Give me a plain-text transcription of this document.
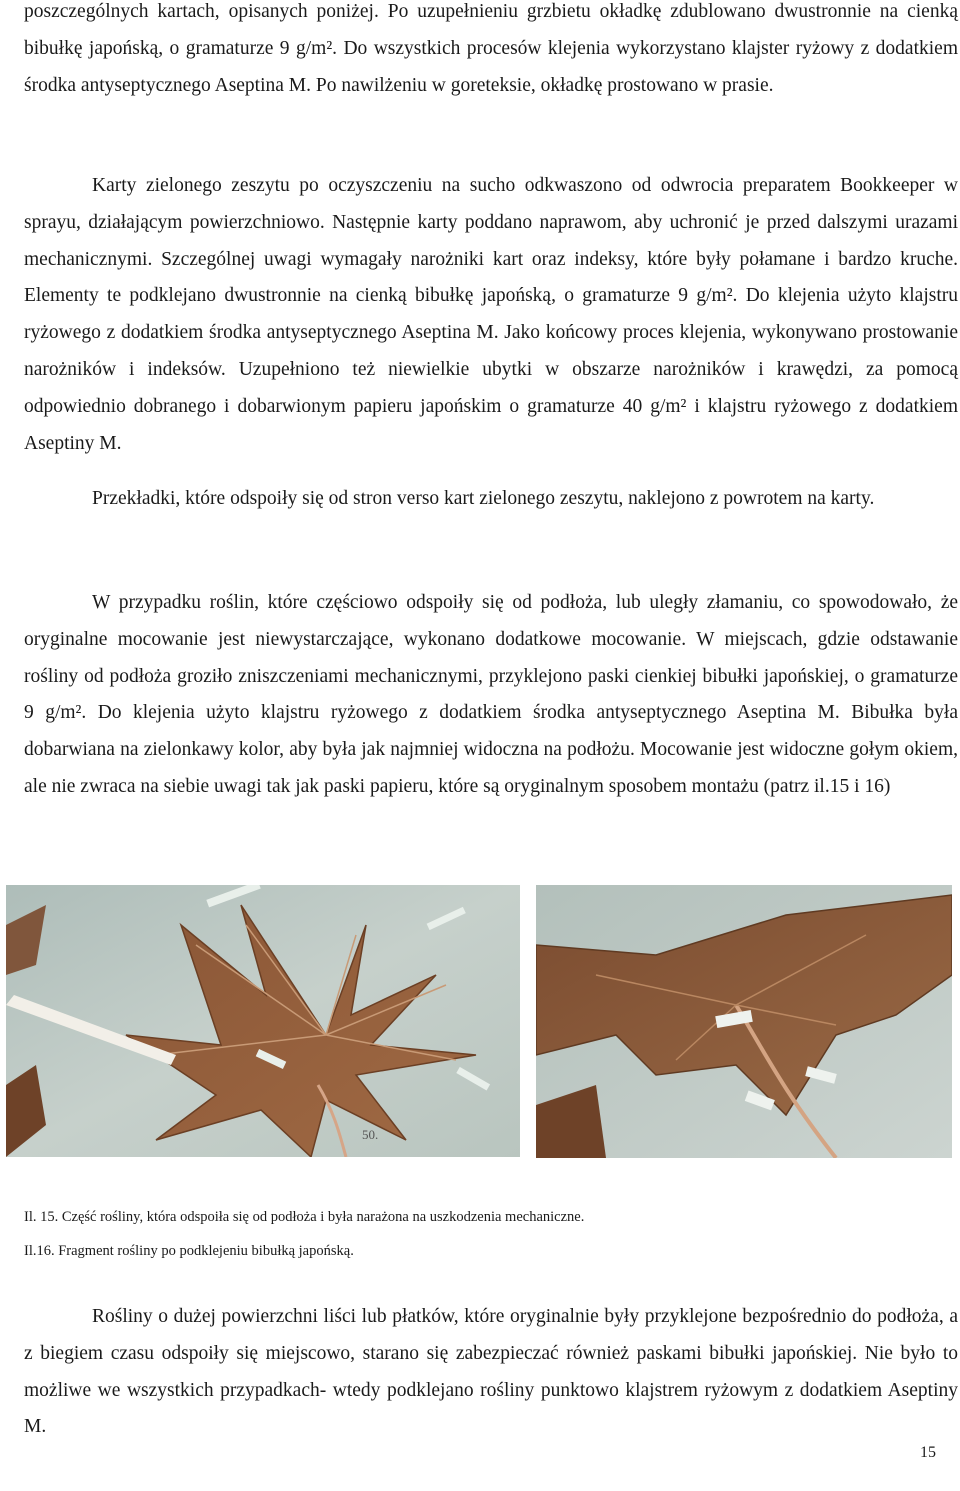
poszczególnych kartach, opisanych poniżej. Po uzupełnieniu grzbietu okładkę zdublowano dwustronnie na cienką bibułkę japońską, o gramaturze 9 g/m². Do wszystkich procesów klejenia wykorzystano klajster ryżowy z dodatkiem środka antyseptycznego Aseptina M. Po nawilżeniu w goreteksie, okładkę prostowano w prasie.

Karty zielonego zeszytu po oczyszczeniu na sucho odkwaszono od odwrocia preparatem Bookkeeper w sprayu, działającym powierzchniowo. Następnie karty poddano naprawom, aby uchronić je przed dalszymi urazami mechanicznymi. Szczególnej uwagi wymagały narożniki kart oraz indeksy, które były połamane i bardzo kruche. Elementy te podklejano dwustronnie na cienką bibułkę japońską, o gramaturze 9 g/m². Do klejenia użyto klajstru ryżowego z dodatkiem środka antyseptycznego Aseptina M. Jako końcowy proces klejenia, wykonywano prostowanie narożników i indeksów. Uzupełniono też niewielkie ubytki w obszarze narożników i krawędzi, za pomocą odpowiednio dobranego i dobarwionym papieru japońskim o gramaturze 40 g/m² i klajstru ryżowego z dodatkiem Aseptiny M.

Przekładki, które odspoiły się od stron verso kart zielonego zeszytu, naklejono z powrotem na karty.

W przypadku roślin, które częściowo odspoiły się od podłoża, lub uległy złamaniu, co spowodowało, że oryginalne mocowanie jest niewystarczające, wykonano dodatkowe mocowanie. W miejscach, gdzie odstawanie rośliny od podłoża groziło zniszczeniami mechanicznymi, przyklejono paski cienkiej bibułki japońskiej, o gramaturze 9 g/m². Do klejenia użyto klajstru ryżowego z dodatkiem środka antyseptycznego Aseptina M. Bibułka była dobarwiana na zielonkawy kolor, aby była jak najmniej widoczna na podłożu. Mocowanie jest widoczne gołym okiem, ale nie zwraca na siebie uwagi tak jak paski papieru, które są oryginalnym sposobem montażu (patrz il.15 i 16)

50.

Il. 15. Część rośliny, która odspoiła się od podłoża i była narażona na uszkodzenia mechaniczne.

Il.16. Fragment rośliny po podklejeniu bibułką japońską.

Rośliny o dużej powierzchni liści lub płatków, które oryginalnie były przyklejone bezpośrednio do podłoża, a z biegiem czasu odspoiły się miejscowo, starano się zabezpieczać również paskami bibułki japońskiej. Nie było to możliwe we wszystkich przypadkach- wtedy podklejano rośliny punktowo klajstrem ryżowym z dodatkiem Aseptiny M.

15
